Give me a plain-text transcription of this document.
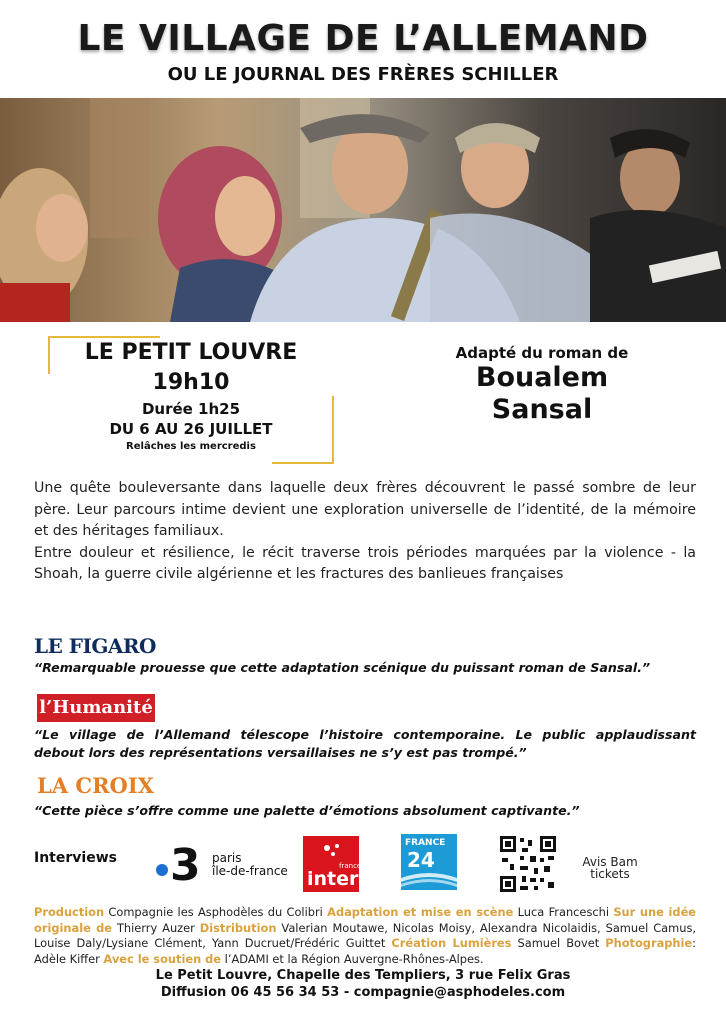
LE VILLAGE DE L’ALLEMAND
OU LE JOURNAL DES FRÈRES SCHILLER
LE PETIT LOUVRE
19h10
Durée 1h25
DU 6 AU 26 JUILLET
Relâches les mercredis
Adapté du roman de
Boualem
Sansal

Une quête bouleversante dans laquelle deux frères découvrent le passé sombre de leur père. Leur parcours intime devient une exploration universelle de l’identité, de la mémoire et des héritages familiaux.

Entre douleur et résilience, le récit traverse trois périodes marquées par la violence - la Shoah, la guerre civile algérienne et les fractures des banlieues françaises

LE FIGARO
“Remarquable prouesse que cette adaptation scénique du puissant roman de Sansal.”
l’Humanité
“Le village de l’Allemand télescope l’histoire contemporaine. Le public applaudissant debout lors des représentations versaillaises ne s’y est pas trompé.”
LA CROIX
“Cette pièce s’offre comme une palette d’émotions absolument captivante.”
Interviews 3 paris
île-de-france	france
inter
FRANCE
24	Avis Bam
tickets
Production Compagnie les Asphodèles du Colibri Adaptation et mise en scène Luca Franceschi Sur une idée originale de Thierry Auzer Distribution Valerian Moutawe, Nicolas Moisy, Alexandra Nicolaidis, Samuel Camus, Louise Daly/Lysiane Clément, Yann Ducruet/Frédéric Guittet Création Lumières Samuel Bovet Photographie: Adèle Kiffer Avec le soutien de l’ADAMI et la Région Auvergne-Rhônes-Alpes.
Le Petit Louvre, Chapelle des Templiers, 3 rue Felix Gras
Diffusion 06 45 56 34 53 - compagnie@asphodeles.com
